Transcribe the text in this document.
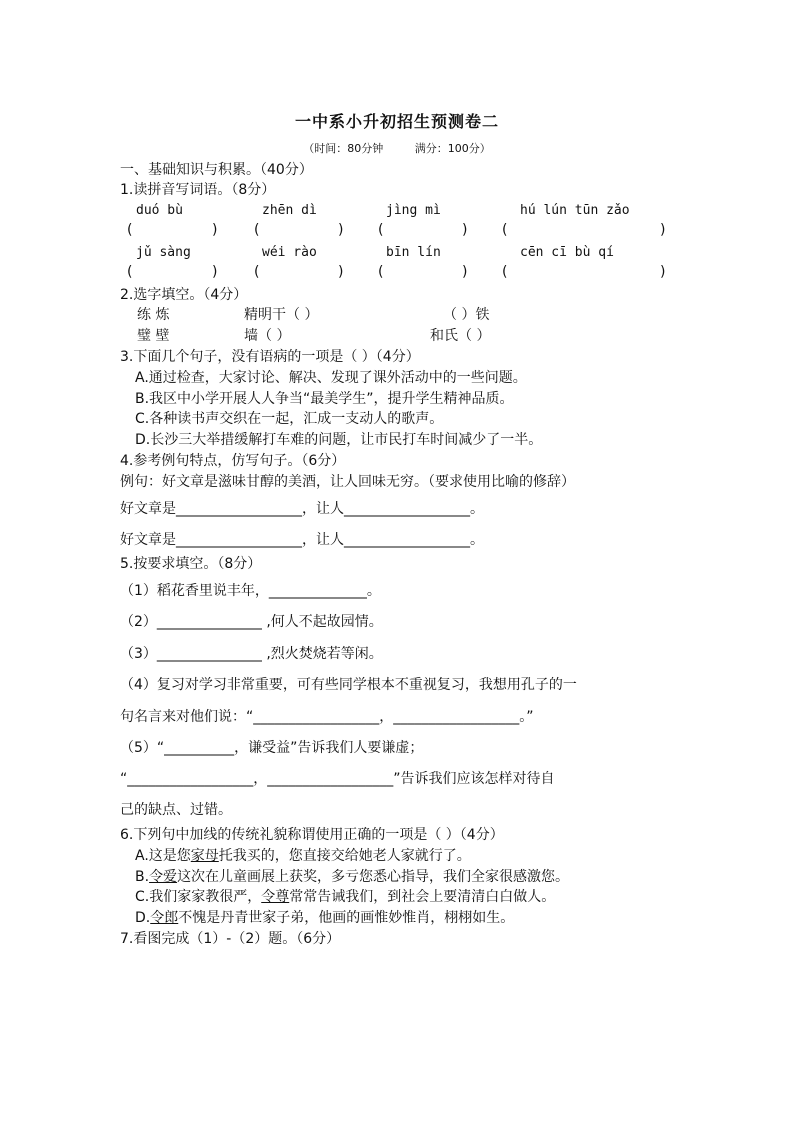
一中系小升初招生预测卷二
（时间：80分钟	满分：100分）
一、基础知识与积累。（40分）
1.读拼音写词语。（8分）
duó bù	zhēn dì	jìng mì	hú lún tūn zǎo
(	)	(	) (	) (	)
jǔ sàng	wéi rào	bīn lín	cēn cī bù qí
(	)	(	) (	) (	)
2.选字填空。（4分）
练 炼	精明干（ ）	（ ）铁
璧 壁	墙（ ）	和氏（ ）
3.下面几个句子，没有语病的一项是（ ）（4分）
A.通过检查，大家讨论、解决、发现了课外活动中的一些问题。
B.我区中小学开展人人争当“最美学生”，提升学生精神品质。
C.各种读书声交织在一起，汇成一支动人的歌声。
D.长沙三大举措缓解打车难的问题，让市民打车时间减少了一半。
4.参考例句特点，仿写句子。（6分）
例句：好文章是滋味甘醇的美酒，让人回味无穷。（要求使用比喻的修辞）
好文章是__________________，让人__________________。
好文章是__________________，让人__________________。
5.按要求填空。（8分）
（1）稻花香里说丰年，______________。
（2）_______________ ,何人不起故园情。
（3）_______________ ,烈火焚烧若等闲。
（4）复习对学习非常重要，可有些同学根本不重视复习，我想用孔子的一
句名言来对他们说：“__________________，__________________。”
（5）“__________，谦受益”告诉我们人要谦虚；
“__________________，__________________”告诉我们应该怎样对待自
己的缺点、过错。
6.下列句中加线的传统礼貌称谓使用正确的一项是（ ）（4分）
A.这是您家母托我买的，您直接交给她老人家就行了。
B.令爱这次在儿童画展上获奖，多亏您悉心指导，我们全家很感激您。
C.我们家家教很严，令尊常常告诫我们，到社会上要清清白白做人。
D.令郎不愧是丹青世家子弟，他画的画惟妙惟肖，栩栩如生。
7.看图完成（1）-（2）题。（6分）
